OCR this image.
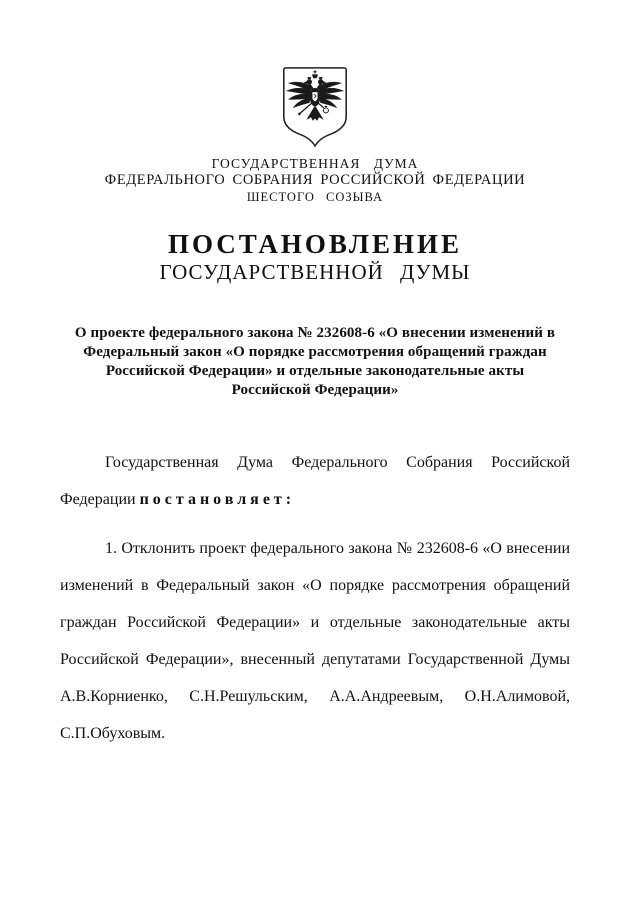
ГОСУДАРСТВЕННАЯ ДУМА
ФЕДЕРАЛЬНОГО СОБРАНИЯ РОССИЙСКОЙ ФЕДЕРАЦИИ
ШЕСТОГО СОЗЫВА
ПОСТАНОВЛЕНИЕ
ГОСУДАРСТВЕННОЙ ДУМЫ
О проекте федерального закона № 232608-6 «О внесении изменений в
Федеральный закон «О порядке рассмотрения обращений граждан
Российской Федерации» и отдельные законодательные акты
Российской Федерации»

Государственная Дума Федерального Собрания Российской Федерации постановляет:

1. Отклонить проект федерального закона № 232608-6 «О внесении изменений в Федеральный закон «О порядке рассмотрения обращений граждан Российской Федерации» и отдельные законодательные акты Российской Федерации», внесенный депутатами Государственной Думы А.В.Корниенко, С.Н.Решульским, А.А.Андреевым, О.Н.Алимовой, С.П.Обуховым.
